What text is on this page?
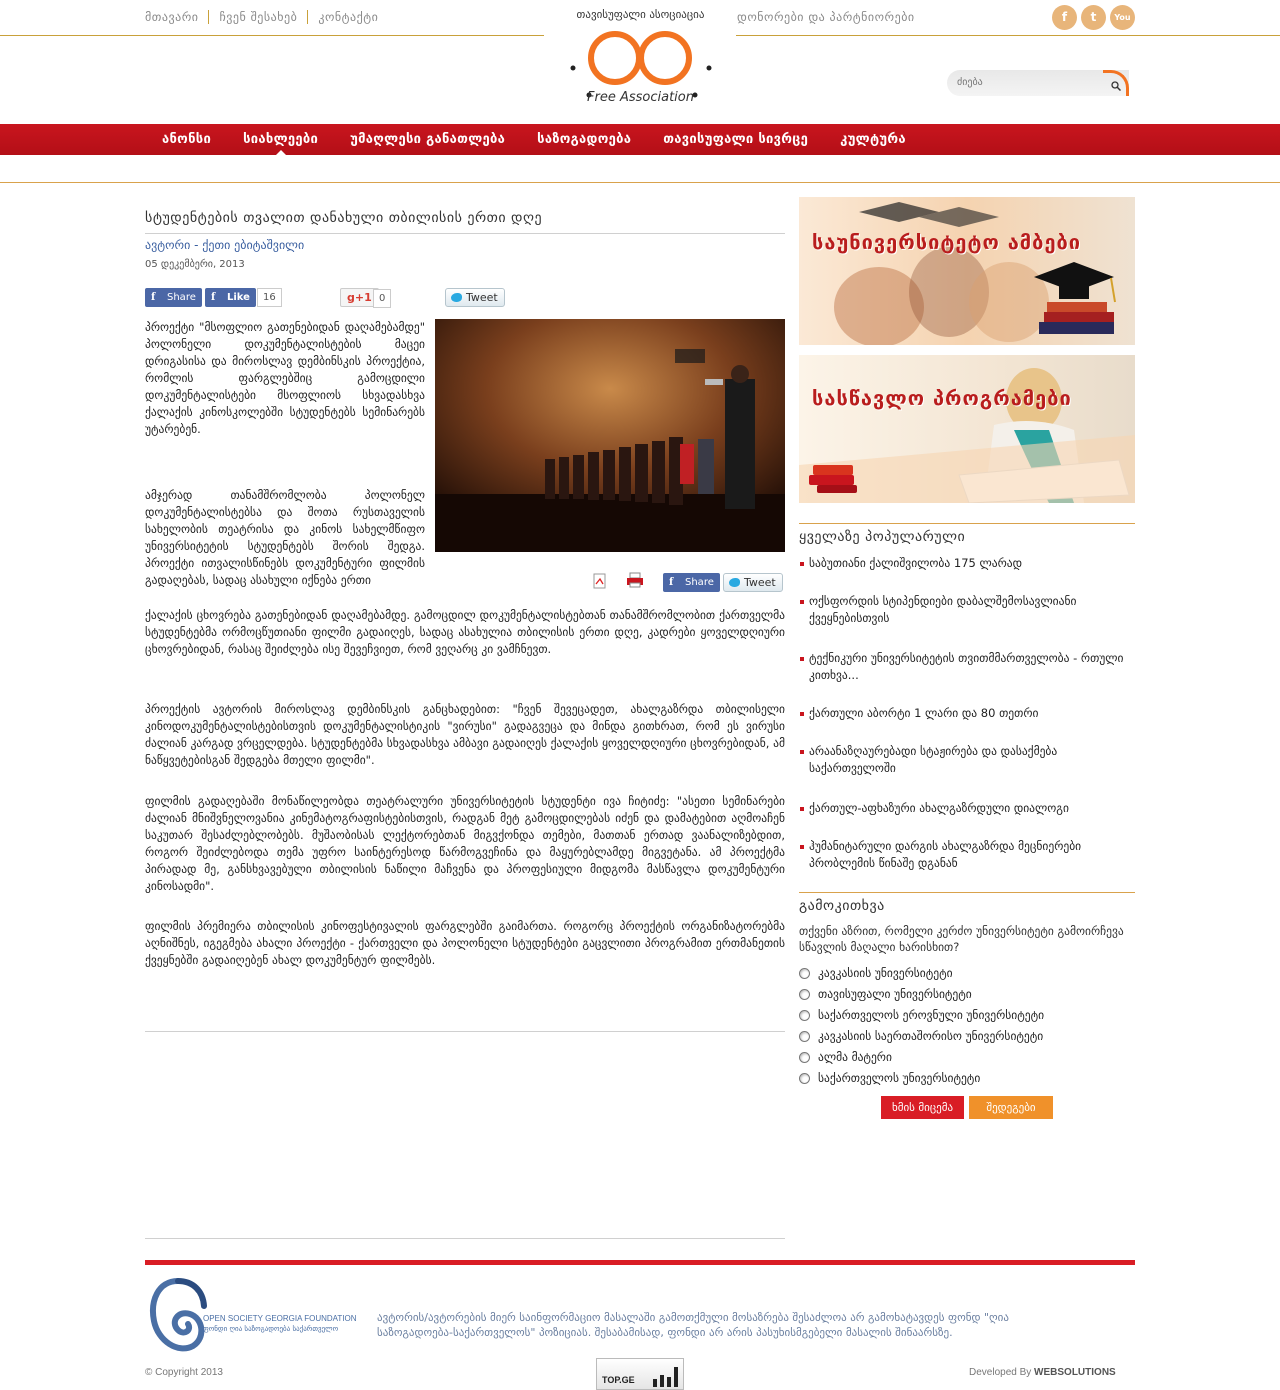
მთავარი	ჩვენ შესახებ	კონტაქტი	დონორები და პარტნიორები	f	t	You
თავისუფალი ასოციაცია
Free Association
ძიება
ანონსი	სიახლეები	უმაღლესი განათლება	საზოგადოება	თავისუფალი სივრცე	კულტურა
სტუდენტების თვალით დანახული თბილისის ერთი დღე
ავტორი - ქეთი ებიტაშვილი
05 დეკემბერი, 2013
f Share	f Like	16	g+1 0	Tweet
პროექტი "მსოფლიო გათენებიდან დაღამებამდე" პოლონელი დოკუმენტალისტების მაცეი დრიგასისა და მიროსლავ დემბინსკის პროექტია, რომლის ფარგლებშიც გამოცდილი დოკუმენტალისტები მსოფლიოს სხვადასხვა ქალაქის კინოსკოლებში სტუდენტებს სემინარებს უტარებენ.
ამჯერად თანამშრომლობა პოლონელ დოკუმენტალისტებსა და შოთა რუსთაველის სახელობის თეატრისა და კინოს სახელმწიფო უნივერსიტეტის სტუდენტებს შორის შედგა. პროექტი ითვალისწინებს დოკუმენტური ფილმის გადაღებას, სადაც ასახული იქნება ერთი	f Share	Tweet
ქალაქის ცხოვრება გათენებიდან დაღამებამდე. გამოცდილ დოკუმენტალისტებთან თანამშრომლობით ქართველმა სტუდენტებმა ორმოცწუთიანი ფილმი გადაიღეს, სადაც ასახულია თბილისის ერთი დღე, კადრები ყოველდღიური ცხოვრებიდან, რასაც შეიძლება ისე შევეჩვიეთ, რომ ვეღარც კი ვამჩნევთ.
პროექტის ავტორის მიროსლავ დემბინსკის განცხადებით: "ჩვენ შევეცადეთ, ახალგაზრდა თბილისელი კინოდოკუმენტალისტებისთვის დოკუმენტალისტიკის "ვირუსი" გადაგვეცა და მინდა გითხრათ, რომ ეს ვირუსი ძალიან კარგად ვრცელდება. სტუდენტებმა სხვადასხვა ამბავი გადაიღეს ქალაქის ყოველდღიური ცხოვრებიდან, ამ ნაწყვეტებისგან შედგება მთელი ფილმი".
ფილმის გადაღებაში მონაწილეობდა თეატრალური უნივერსიტეტის სტუდენტი ივა ჩიტიძე: "ასეთი სემინარები ძალიან მნიშვნელოვანია კინემატოგრაფისტებისთვის, რადგან მეტ გამოცდილებას იძენ და დამატებით აღმოაჩენ საკუთარ შესაძლებლობებს. მუშაობისას ლექტორებთან მიგვქონდა თემები, მათთან ერთად ვაანალიზებდით, როგორ შეიძლებოდა თემა უფრო საინტერესოდ წარმოგვეჩინა და მაყურებლამდე მიგვეტანა. ამ პროექტმა პირადად მე, განსხვავებული თბილისის ნაწილი მაჩვენა და პროფესიული მიდგომა მასწავლა დოკუმენტური კინოსადმი".
ფილმის პრემიერა თბილისის კინოფესტივალის ფარგლებში გაიმართა. როგორც პროექტის ორგანიზატორებმა აღნიშნეს, იგეგმება ახალი პროექტი - ქართველი და პოლონელი სტუდენტები გაცვლითი პროგრამით ერთმანეთის ქვეყნებში გადაიღებენ ახალ დოკუმენტურ ფილმებს.
საუნივერსიტეტო ამბები
სასწავლო პროგრამები
ყველაზე პოპულარული
საბუთიანი ქალიშვილობა 175 ლარად
ოქსფორდის სტიპენდიები დაბალშემოსავლიანი ქვეყნებისთვის
ტექნიკური უნივერსიტეტის თვითმმართველობა - რთული კითხვა...
ქართული აბორტი 1 ლარი და 80 თეთრი
არაანაზღაურებადი სტაჟირება და დასაქმება საქართველოში
ქართულ-აფხაზური ახალგაზრდული დიალოგი
ჰუმანიტარული დარგის ახალგაზრდა მეცნიერები პრობლემის წინაშე დგანან
გამოკითხვა
თქვენი აზრით, რომელი კერძო უნივერსიტეტი გამოირჩევა სწავლის მაღალი ხარისხით?
კავკასიის უნივერსიტეტი
თავისუფალი უნივერსიტეტი
საქართველოს ეროვნული უნივერსიტეტი
კავკასიის საერთაშორისო უნივერსიტეტი
ალმა მატერი
საქართველოს უნივერსიტეტი
ხმის მიცემა	შედეგები
OPEN SOCIETY GEORGIA FOUNDATION
ფონდი ღია საზოგადოება საქართველო
ავტორის/ავტორების მიერ საინფორმაციო მასალაში გამოთქმული მოსაზრება შესაძლოა არ გამოხატავდეს ფონდ "ღია საზოგადოება-საქართველოს" პოზიციას. შესაბამისად, ფონდი არ არის პასუხისმგებელი მასალის შინაარსზე.
© Copyright 2013
TOP.GE
Developed By WEBSOLUTIONS
